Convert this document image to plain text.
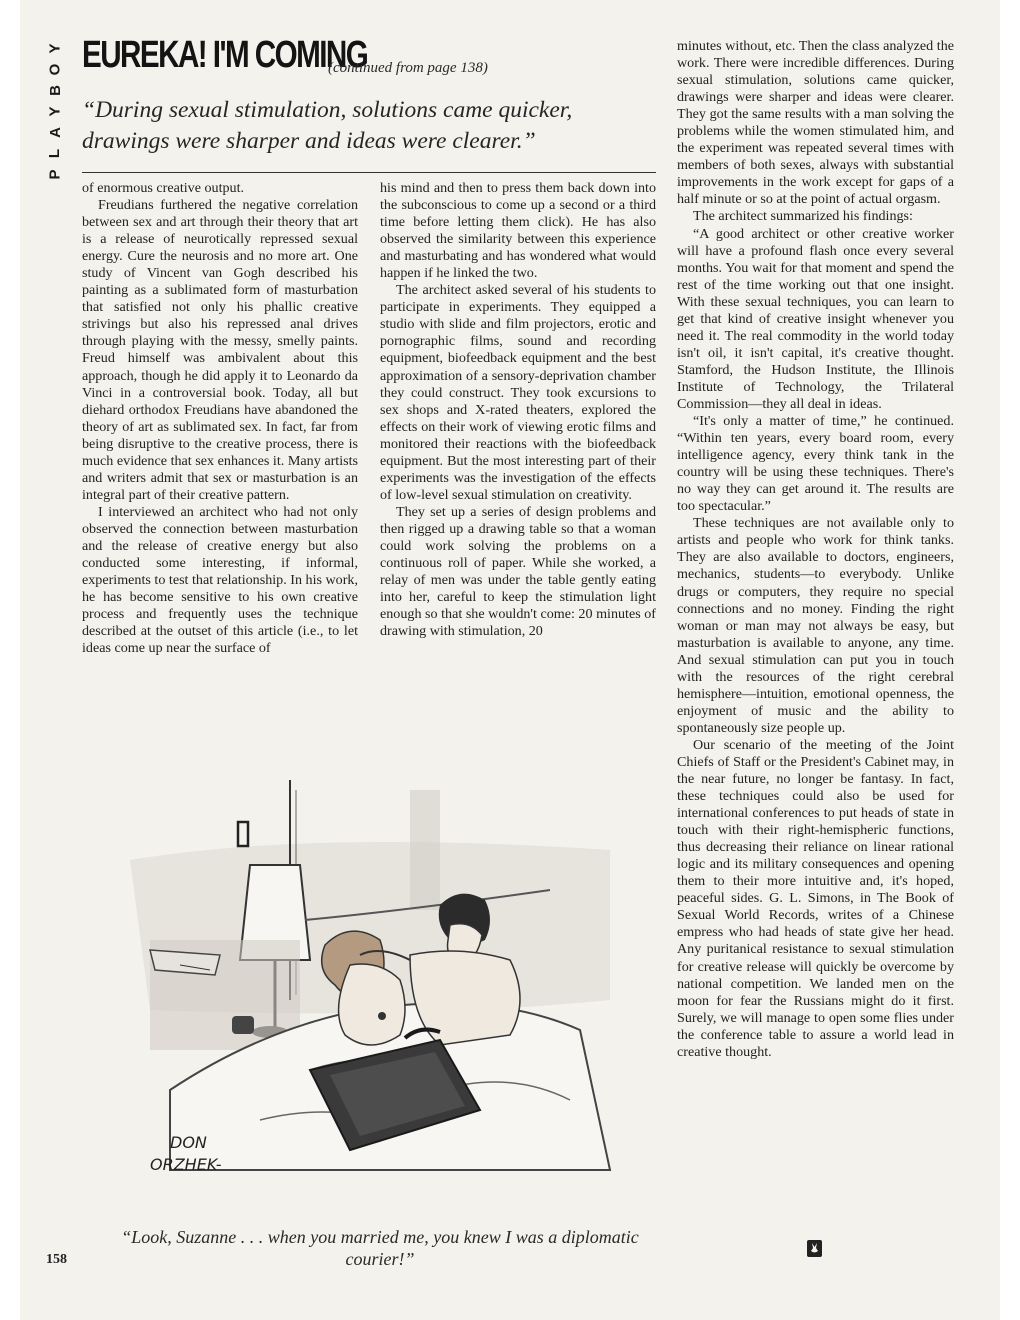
Y
O
B
Y
A
L
P
EUREKA! I'M COMING
(continued from page 138)
“During sexual stimulation, solutions came quicker, drawings were sharper and ideas were clearer.”

of enormous creative output.

Freudians furthered the negative correlation between sex and art through their theory that art is a release of neurotically repressed sexual energy. Cure the neurosis and no more art. One study of Vincent van Gogh described his painting as a sublimated form of masturbation that satisfied not only his phallic creative strivings but also his repressed anal drives through playing with the messy, smelly paints. Freud himself was ambivalent about this approach, though he did apply it to Leonardo da Vinci in a controversial book. Today, all but diehard orthodox Freudians have abandoned the theory of art as sublimated sex. In fact, far from being disruptive to the creative process, there is much evidence that sex enhances it. Many artists and writers admit that sex or masturbation is an integral part of their creative pattern.

I interviewed an architect who had not only observed the connection between masturbation and the release of creative energy but also conducted some interesting, if informal, experiments to test that relationship. In his work, he has become sensitive to his own creative process and frequently uses the technique described at the outset of this article (i.e., to let ideas come up near the surface of

his mind and then to press them back down into the subconscious to come up a second or a third time before letting them click). He has also observed the similarity between this experience and masturbating and has wondered what would happen if he linked the two.

The architect asked several of his students to participate in experiments. They equipped a studio with slide and film projectors, erotic and pornographic films, sound and recording equipment, biofeedback equipment and the best approximation of a sensory-deprivation chamber they could construct. They took excursions to sex shops and X-rated theaters, explored the effects on their work of viewing erotic films and monitored their reactions with the biofeedback equipment. But the most interesting part of their experiments was the investigation of the effects of low-level sexual stimulation on creativity.

They set up a series of design problems and then rigged up a drawing table so that a woman could work solving the problems on a continuous roll of paper. While she worked, a relay of men was under the table gently eating into her, careful to keep the stimulation light enough so that she wouldn't come: 20 minutes of drawing with stimulation, 20

minutes without, etc. Then the class analyzed the work. There were incredible differences. During sexual stimulation, solutions came quicker, drawings were sharper and ideas were clearer. They got the same results with a man solving the problems while the women stimulated him, and the experiment was repeated several times with members of both sexes, always with substantial improvements in the work except for gaps of a half minute or so at the point of actual orgasm.

The architect summarized his findings:

“A good architect or other creative worker will have a profound flash once every several months. You wait for that moment and spend the rest of the time working out that one insight. With these sexual techniques, you can learn to get that kind of creative insight whenever you need it. The real commodity in the world today isn't oil, it isn't capital, it's creative thought. Stamford, the Hudson Institute, the Illinois Institute of Technology, the Trilateral Commission—they all deal in ideas.

“It's only a matter of time,” he continued. “Within ten years, every board room, every intelligence agency, every think tank in the country will be using these techniques. There's no way they can get around it. The results are too spectacular.”

These techniques are not available only to artists and people who work for think tanks. They are also available to doctors, engineers, mechanics, students—to everybody. Unlike drugs or computers, they require no special connections and no money. Finding the right woman or man may not always be easy, but masturbation is available to anyone, any time. And sexual stimulation can put you in touch with the resources of the right cerebral hemisphere—intuition, emotional openness, the enjoyment of music and the ability to spontaneously size people up.

Our scenario of the meeting of the Joint Chiefs of Staff or the President's Cabinet may, in the near future, no longer be fantasy. In fact, these techniques could also be used for international conferences to put heads of state in touch with their right-hemispheric functions, thus decreasing their reliance on linear rational logic and its military consequences and opening them to their more intuitive and, it's hoped, peaceful sides. G. L. Simons, in The Book of Sexual World Records, writes of a Chinese empress who had heads of state give her head. Any puritanical resistance to sexual stimulation for creative release will quickly be overcome by national competition. We landed men on the moon for fear the Russians might do it first. Surely, we will manage to open some flies under the conference table to assure a world lead in creative thought.

DON
ORZHEK-
“Look, Suzanne . . . when you married me, you knew I was a diplomatic courier!”
158
